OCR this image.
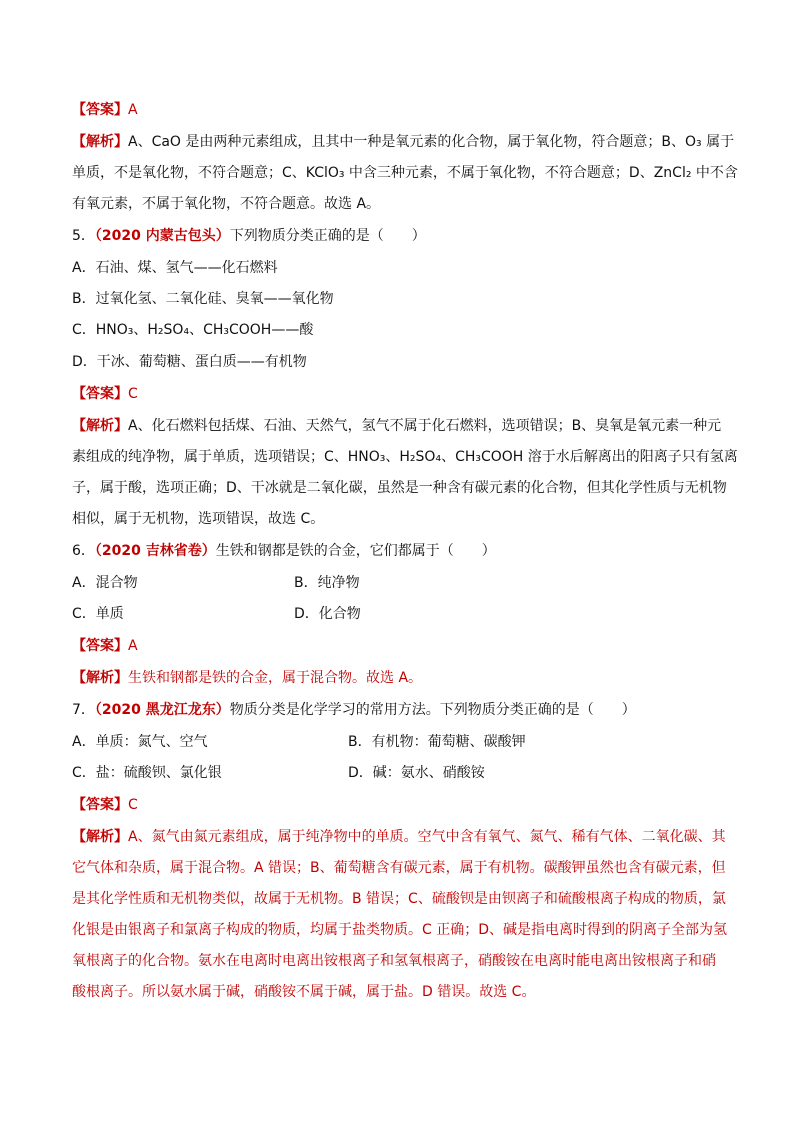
【答案】A
【解析】A、CaO 是由两种元素组成，且其中一种是氧元素的化合物，属于氧化物，符合题意；B、O₃ 属于
单质，不是氧化物，不符合题意；C、KClO₃ 中含三种元素，不属于氧化物，不符合题意；D、ZnCl₂ 中不含
有氧元素，不属于氧化物，不符合题意。故选 A。
5．（2020 内蒙古包头）下列物质分类正确的是（　　）
A．石油、煤、氢气——化石燃料
B．过氧化氢、二氧化硅、臭氧——氧化物
C．HNO₃、H₂SO₄、CH₃COOH——酸
D．干冰、葡萄糖、蛋白质——有机物
【答案】C
【解析】A、化石燃料包括煤、石油、天然气，氢气不属于化石燃料，选项错误；B、臭氧是氧元素一种元
素组成的纯净物，属于单质，选项错误；C、HNO₃、H₂SO₄、CH₃COOH 溶于水后解离出的阳离子只有氢离
子，属于酸，选项正确；D、干冰就是二氧化碳，虽然是一种含有碳元素的化合物，但其化学性质与无机物
相似，属于无机物，选项错误，故选 C。
6．（2020 吉林省卷）生铁和钢都是铁的合金，它们都属于（　　）
A．混合物	B．纯净物
C．单质	D．化合物
【答案】A
【解析】生铁和钢都是铁的合金，属于混合物。故选 A。
7．（2020 黑龙江龙东）物质分类是化学学习的常用方法。下列物质分类正确的是（　　）
A．单质：氮气、空气	B．有机物：葡萄糖、碳酸钾
C．盐：硫酸钡、氯化银	D．碱：氨水、硝酸铵
【答案】C
【解析】A、氮气由氮元素组成，属于纯净物中的单质。空气中含有氧气、氮气、稀有气体、二氧化碳、其
它气体和杂质，属于混合物。A 错误；B、葡萄糖含有碳元素，属于有机物。碳酸钾虽然也含有碳元素，但
是其化学性质和无机物类似，故属于无机物。B 错误；C、硫酸钡是由钡离子和硫酸根离子构成的物质，氯
化银是由银离子和氯离子构成的物质，均属于盐类物质。C 正确；D、碱是指电离时得到的阴离子全部为氢
氧根离子的化合物。氨水在电离时电离出铵根离子和氢氧根离子，硝酸铵在电离时能电离出铵根离子和硝
酸根离子。所以氨水属于碱，硝酸铵不属于碱，属于盐。D 错误。故选 C。
